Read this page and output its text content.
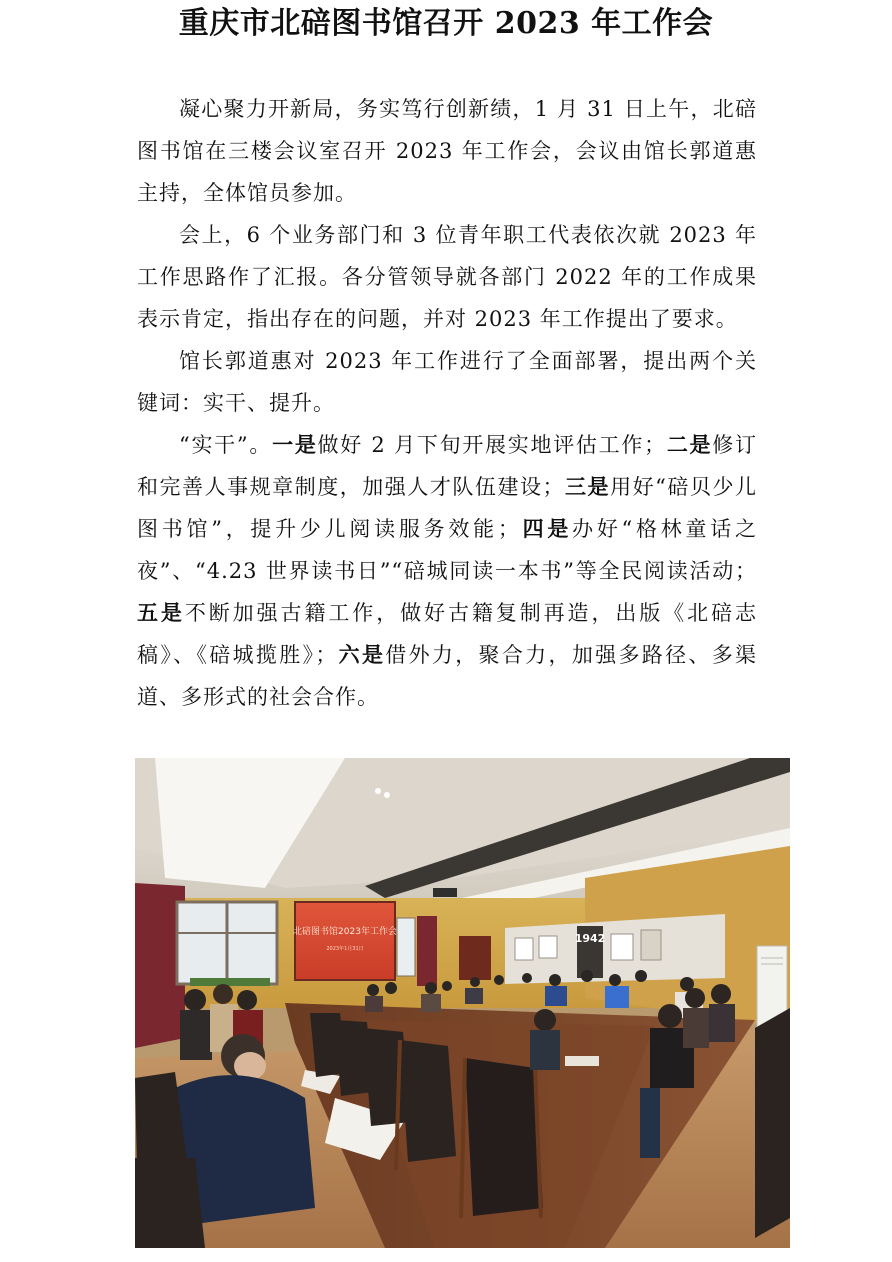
重庆市北碚图书馆召开 2023 年工作会

凝心聚力开新局，务实笃行创新绩，1 月 31 日上午，北碚图书馆在三楼会议室召开 2023 年工作会，会议由馆长郭道惠主持，全体馆员参加。

会上，6 个业务部门和 3 位青年职工代表依次就 2023 年工作思路作了汇报。各分管领导就各部门 2022 年的工作成果表示肯定，指出存在的问题，并对 2023 年工作提出了要求。

馆长郭道惠对 2023 年工作进行了全面部署，提出两个关键词：实干、提升。

“实干”。一是做好 2 月下旬开展实地评估工作；二是修订和完善人事规章制度，加强人才队伍建设；三是用好“碚贝少儿图书馆”，提升少儿阅读服务效能；四是办好“格林童话之夜”、“4.23 世界读书日”“碚城同读一本书”等全民阅读活动；五是不断加强古籍工作，做好古籍复制再造，出版《北碚志稿》、《碚城揽胜》；六是借外力，聚合力，加强多路径、多渠道、多形式的社会合作。

北碚图书馆2023年工作会
2023年1月31日
1942
